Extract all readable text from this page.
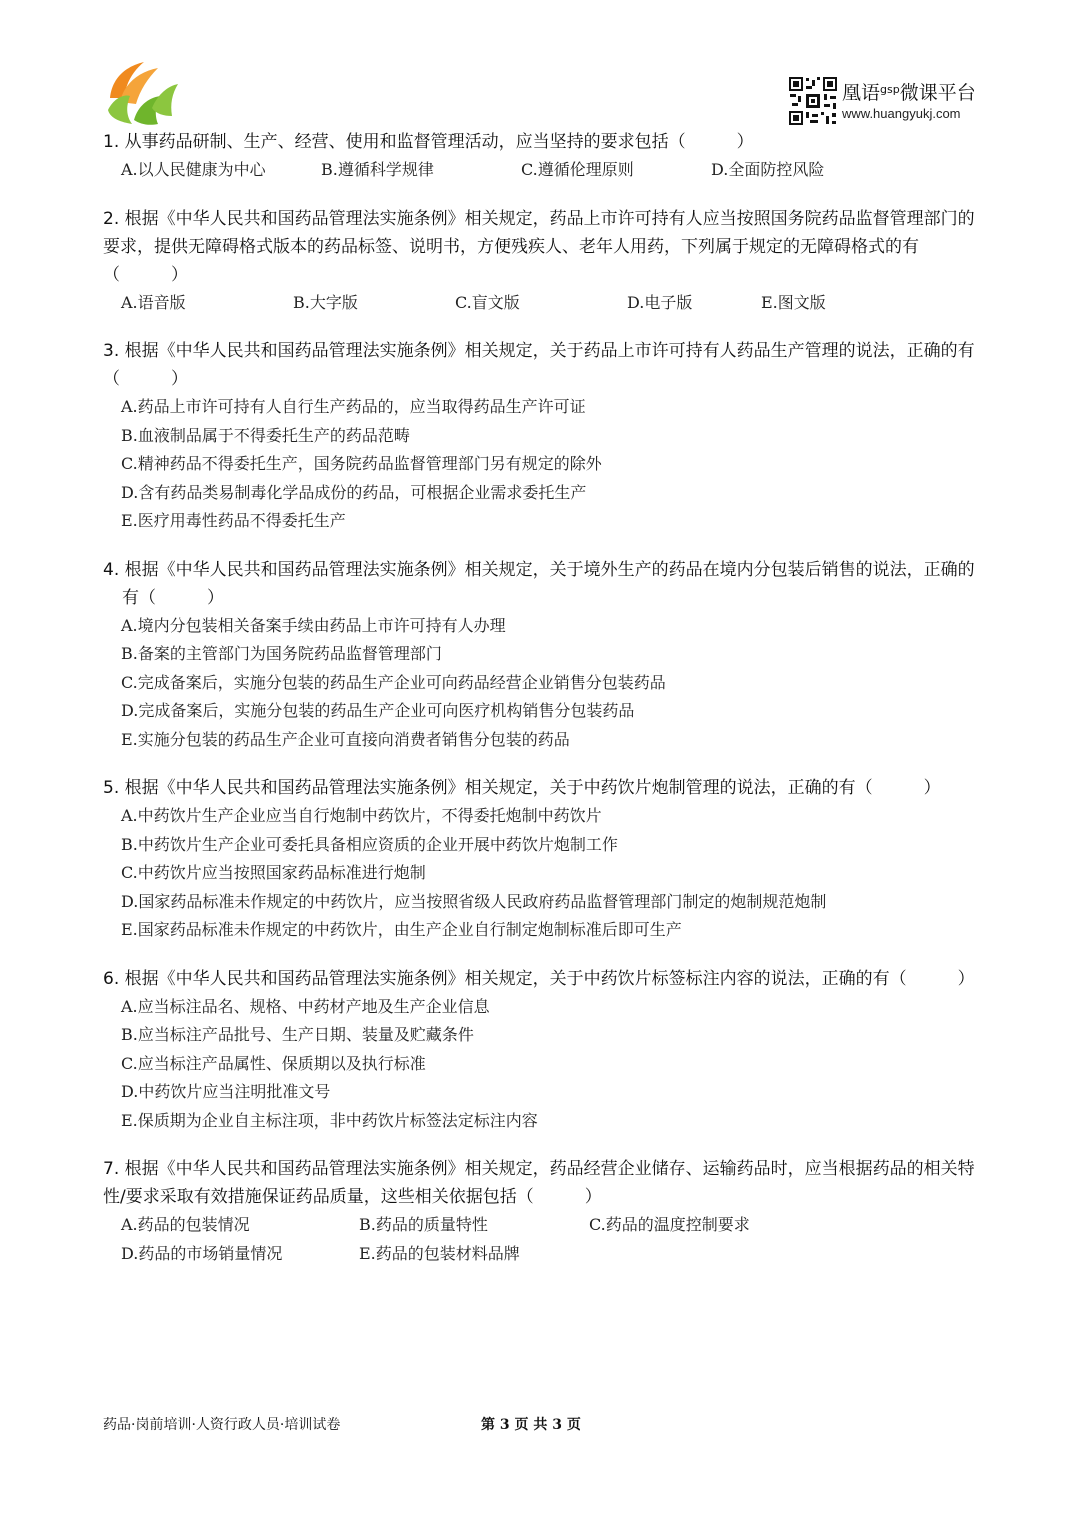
凰语$^{gsp}$微课平台
www.huangyukj.com

1. 从事药品研制、生产、经营、使用和监督管理活动，应当坚持的要求包括（　　　）

A.以人民健康为中心	B.遵循科学规律	C.遵循伦理原则	D.全面防控风险

2. 根据《中华人民共和国药品管理法实施条例》相关规定，药品上市许可持有人应当按照国务院药品监督管理部门的要求，提供无障碍格式版本的药品标签、说明书，方便残疾人、老年人用药，下列属于规定的无障碍格式的有（　　　）

A.语音版	B.大字版	C.盲文版	D.电子版	E.图文版

3. 根据《中华人民共和国药品管理法实施条例》相关规定，关于药品上市许可持有人药品生产管理的说法，正确的有（　　　）

A.药品上市许可持有人自行生产药品的，应当取得药品生产许可证
B.血液制品属于不得委托生产的药品范畴
C.精神药品不得委托生产，国务院药品监督管理部门另有规定的除外
D.含有药品类易制毒化学品成份的药品，可根据企业需求委托生产
E.医疗用毒性药品不得委托生产

4. 根据《中华人民共和国药品管理法实施条例》相关规定，关于境外生产的药品在境内分包装后销售的说法，正确的有（　　　）

A.境内分包装相关备案手续由药品上市许可持有人办理
B.备案的主管部门为国务院药品监督管理部门
C.完成备案后，实施分包装的药品生产企业可向药品经营企业销售分包装药品
D.完成备案后，实施分包装的药品生产企业可向医疗机构销售分包装药品
E.实施分包装的药品生产企业可直接向消费者销售分包装的药品

5. 根据《中华人民共和国药品管理法实施条例》相关规定，关于中药饮片炮制管理的说法，正确的有（　　　）

A.中药饮片生产企业应当自行炮制中药饮片，不得委托炮制中药饮片
B.中药饮片生产企业可委托具备相应资质的企业开展中药饮片炮制工作
C.中药饮片应当按照国家药品标准进行炮制
D.国家药品标准未作规定的中药饮片，应当按照省级人民政府药品监督管理部门制定的炮制规范炮制
E.国家药品标准未作规定的中药饮片，由生产企业自行制定炮制标准后即可生产

6. 根据《中华人民共和国药品管理法实施条例》相关规定，关于中药饮片标签标注内容的说法，正确的有（　　　）

A.应当标注品名、规格、中药材产地及生产企业信息
B.应当标注产品批号、生产日期、装量及贮藏条件
C.应当标注产品属性、保质期以及执行标准
D.中药饮片应当注明批准文号
E.保质期为企业自主标注项，非中药饮片标签法定标注内容

7. 根据《中华人民共和国药品管理法实施条例》相关规定，药品经营企业储存、运输药品时，应当根据药品的相关特性/要求采取有效措施保证药品质量，这些相关依据包括（　　　）

A.药品的包装情况	B.药品的质量特性	C.药品的温度控制要求
D.药品的市场销量情况	E.药品的包装材料品牌
药品·岗前培训·人资行政人员·培训试卷	第 3 页 共 3 页
